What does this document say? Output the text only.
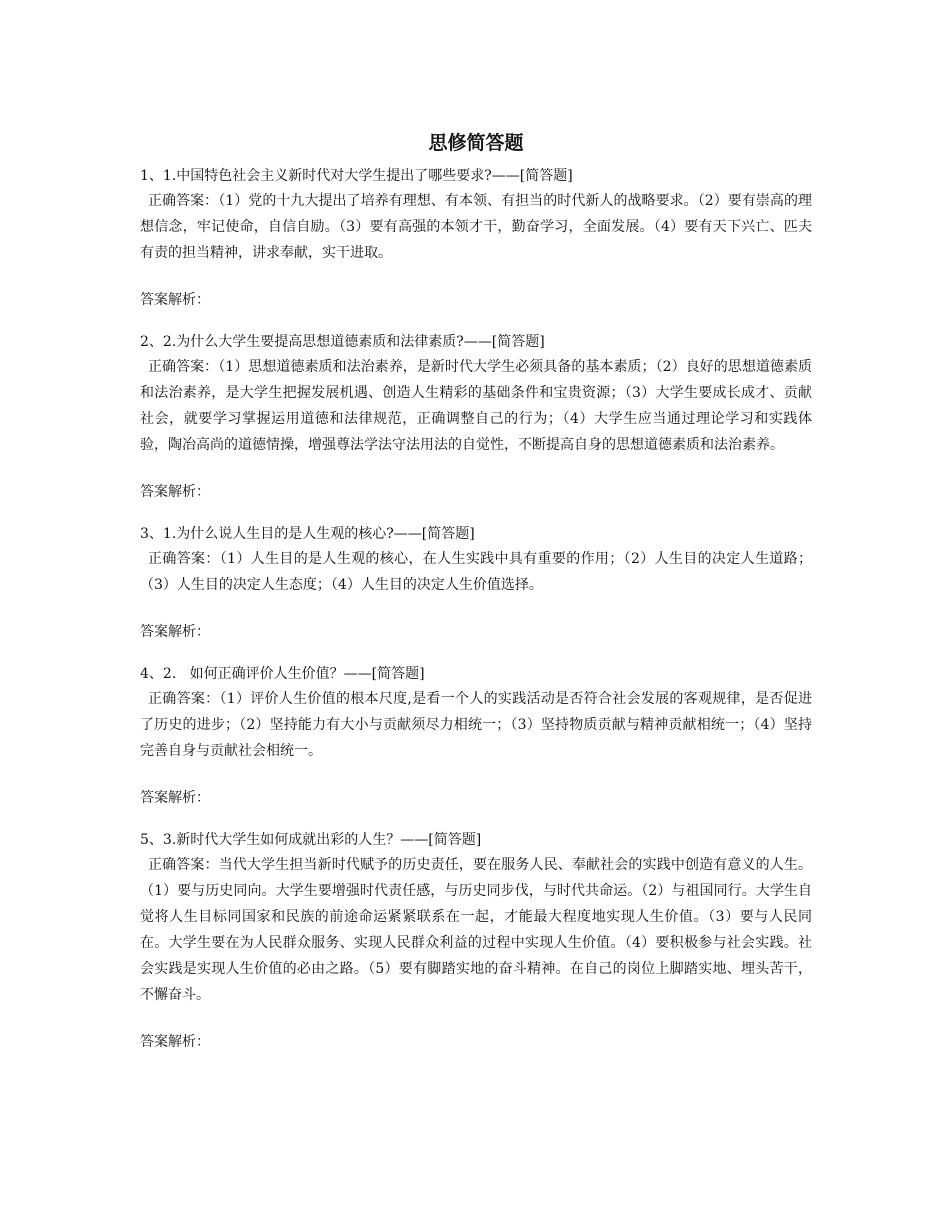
思修简答题
1、1.中国特色社会主义新时代对大学生提出了哪些要求?——[简答题]
正确答案：（1）党的十九大提出了培养有理想、有本领、有担当的时代新人的战略要求。（2）要有崇高的理想信念，牢记使命，自信自励。（3）要有高强的本领才干，勤奋学习，全面发展。（4）要有天下兴亡、匹夫有责的担当精神，讲求奉献，实干进取。
答案解析：
2、2.为什么大学生要提高思想道德素质和法律素质?——[简答题]
正确答案：（1）思想道德素质和法治素养，是新时代大学生必须具备的基本素质；（2）良好的思想道德素质和法治素养，是大学生把握发展机遇、创造人生精彩的基础条件和宝贵资源；（3）大学生要成长成才、贡献社会，就要学习掌握运用道德和法律规范，正确调整自己的行为；（4）大学生应当通过理论学习和实践体验，陶冶高尚的道德情操，增强尊法学法守法用法的自觉性，不断提高自身的思想道德素质和法治素养。
答案解析：
3、1.为什么说人生目的是人生观的核心?——[简答题]
正确答案：（1）人生目的是人生观的核心，在人生实践中具有重要的作用；（2）人生目的决定人生道路；（3）人生目的决定人生态度；（4）人生目的决定人生价值选择。
答案解析：
4、2.   如何正确评价人生价值？——[简答题]
正确答案：（1）评价人生价值的根本尺度,是看一个人的实践活动是否符合社会发展的客观规律，是否促进了历史的进步；（2）坚持能力有大小与贡献须尽力相统一；（3）坚持物质贡献与精神贡献相统一；（4）坚持完善自身与贡献社会相统一。
答案解析：
5、3.新时代大学生如何成就出彩的人生？——[简答题]
正确答案：当代大学生担当新时代赋予的历史责任，要在服务人民、奉献社会的实践中创造有意义的人生。（1）要与历史同向。大学生要增强时代责任感，与历史同步伐，与时代共命运。（2）与祖国同行。大学生自觉将人生目标同国家和民族的前途命运紧紧联系在一起，才能最大程度地实现人生价值。（3）要与人民同在。大学生要在为人民群众服务、实现人民群众利益的过程中实现人生价值。（4）要积极参与社会实践。社会实践是实现人生价值的必由之路。（5）要有脚踏实地的奋斗精神。在自己的岗位上脚踏实地、埋头苦干，不懈奋斗。
答案解析：
